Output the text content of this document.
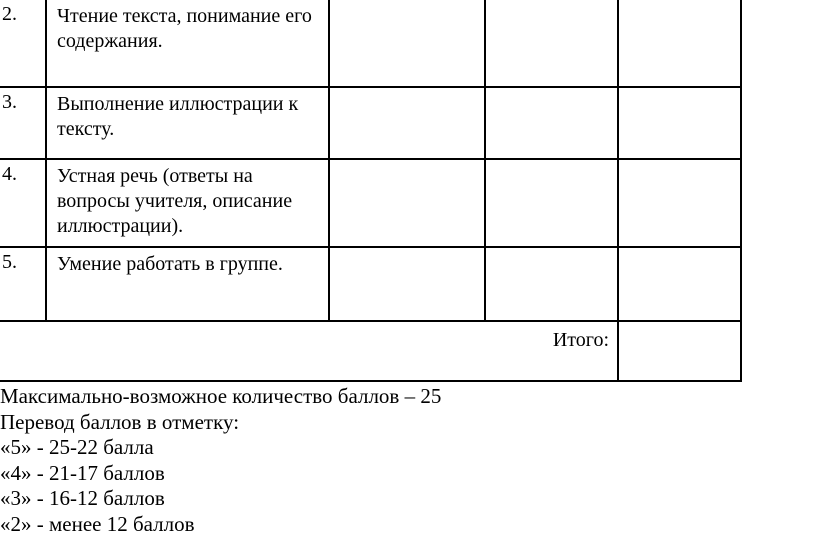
2.	Чтение текста, понимание его содержания.			
3.	Выполнение иллюстрации к тексту.			
4.	Устная речь (ответы на вопросы учителя, описание иллюстрации).			
5.	Умение работать в группе.			
Итого:				
Максимально-возможное количество баллов – 25
Перевод баллов в отметку:
«5» - 25-22 балла
«4» - 21-17 баллов
«3» - 16-12 баллов
«2» - менее 12 баллов
